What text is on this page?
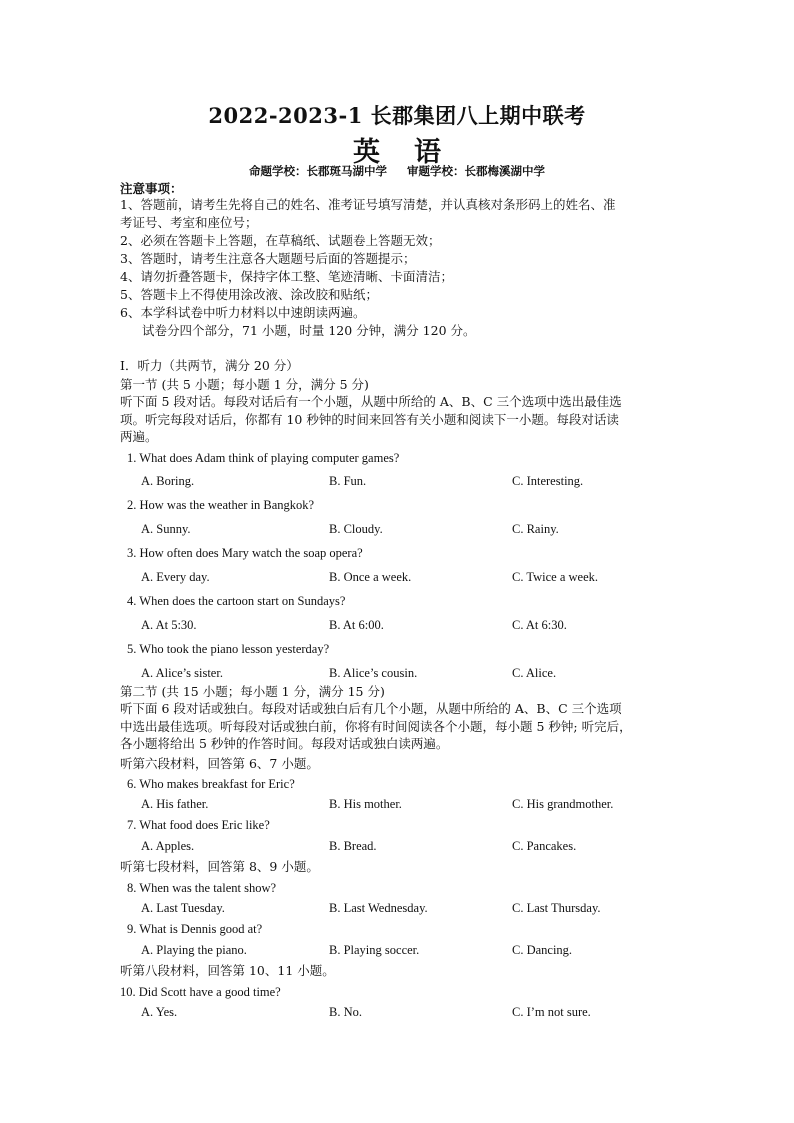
2022-2023-1 长郡集团八上期中联考
英语
命题学校：长郡斑马湖中学 审题学校：长郡梅溪湖中学
注意事项：
1、答题前，请考生先将自己的姓名、准考证号填写清楚，并认真核对条形码上的姓名、准
考证号、考室和座位号；
2、必须在答题卡上答题，在草稿纸、试题卷上答题无效；
3、答题时，请考生注意各大题题号后面的答题提示；
4、请勿折叠答题卡，保持字体工整、笔迹清晰、卡面清洁；
5、答题卡上不得使用涂改液、涂改胶和贴纸；
6、本学科试卷中听力材料以中速朗读两遍。
试卷分四个部分，71 小题，时量 120 分钟，满分 120 分。
I．听力（共两节，满分 20 分）
第一节 (共 5 小题；每小题 1 分，满分 5 分)
听下面 5 段对话。每段对话后有一个小题，从题中所给的 A、B、C 三个选项中选出最佳选
项。听完每段对话后，你都有 10 秒钟的时间来回答有关小题和阅读下一小题。每段对话读
两遍。
1. What does Adam think of playing computer games?
A. Boring.	B. Fun.	C. Interesting.
2. How was the weather in Bangkok?
A. Sunny.	B. Cloudy.	C. Rainy.
3. How often does Mary watch the soap opera?
A. Every day.	B. Once a week.	C. Twice a week.
4. When does the cartoon start on Sundays?
A. At 5:30.	B. At 6:00.	C. At 6:30.
5. Who took the piano lesson yesterday?
A. Alice’s sister.	B. Alice’s cousin.	C. Alice.
第二节 (共 15 小题；每小题 1 分，满分 15 分)
听下面 6 段对话或独白。每段对话或独白后有几个小题，从题中所给的 A、B、C 三个选项
中选出最佳选项。听每段对话或独白前，你将有时间阅读各个小题，每小题 5 秒钟; 听完后，
各小题将给出 5 秒钟的作答时间。每段对话或独白读两遍。
听第六段材料，回答第 6、7 小题。
6. Who makes breakfast for Eric?
A. His father.	B. His mother.	C. His grandmother.
7. What food does Eric like?
A. Apples.	B. Bread.	C. Pancakes.
听第七段材料，回答第 8、9 小题。
8. When was the talent show?
A. Last Tuesday.	B. Last Wednesday.	C. Last Thursday.
9. What is Dennis good at?
A. Playing the piano.	B. Playing soccer.	C. Dancing.
听第八段材料，回答第 10、11 小题。
10. Did Scott have a good time?
A. Yes.	B. No.	C. I’m not sure.
